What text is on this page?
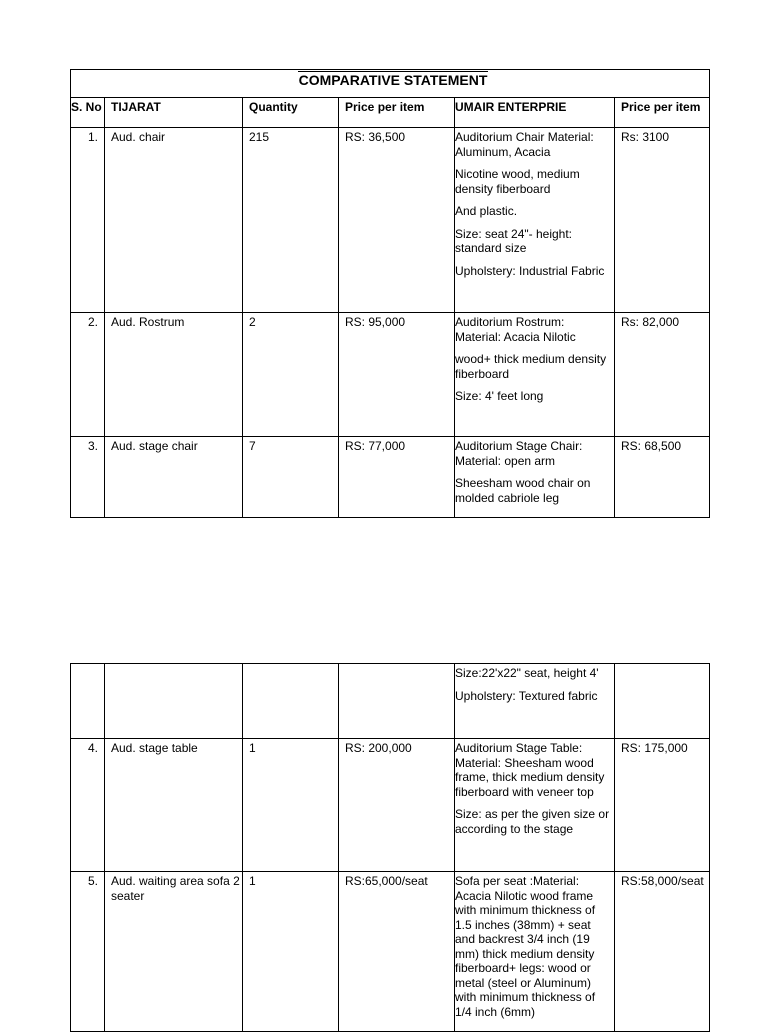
COMPARATIVE STATEMENT					
S. No	TIJARAT	Quantity	Price per item	UMAIR ENTERPRIE	Price per item
1.	Aud. chair	215	RS: 36,500	Auditorium Chair Material: Aluminum, Acacia

Nicotine wood, medium density fiberboard

And plastic.

Size: seat 24"- height: standard size

Upholstery: Industrial Fabric	Rs: 3100
2.	Aud. Rostrum	2	RS: 95,000	Auditorium Rostrum: Material: Acacia Nilotic

wood+ thick medium density fiberboard

Size: 4' feet long	Rs: 82,000
3.	Aud. stage chair	7	RS: 77,000	Auditorium Stage Chair: Material: open arm

Sheesham wood chair on molded cabriole leg	RS: 68,500

				Size:22'x22" seat, height 4'

Upholstery: Textured fabric	

4.	Aud. stage table	1	RS: 200,000	Auditorium Stage Table: Material: Sheesham wood frame, thick medium density fiberboard with veneer top

Size: as per the given size or according to the stage	RS: 175,000
5.	Aud. waiting area sofa 2 seater	1	RS:65,000/seat	Sofa per seat :Material: Acacia Nilotic wood frame with minimum thickness of 1.5 inches (38mm) + seat and backrest 3/4 inch (19 mm) thick medium density fiberboard+ legs: wood or metal (steel or Aluminum) with minimum thickness of 1/4 inch (6mm)	RS:58,000/seat
